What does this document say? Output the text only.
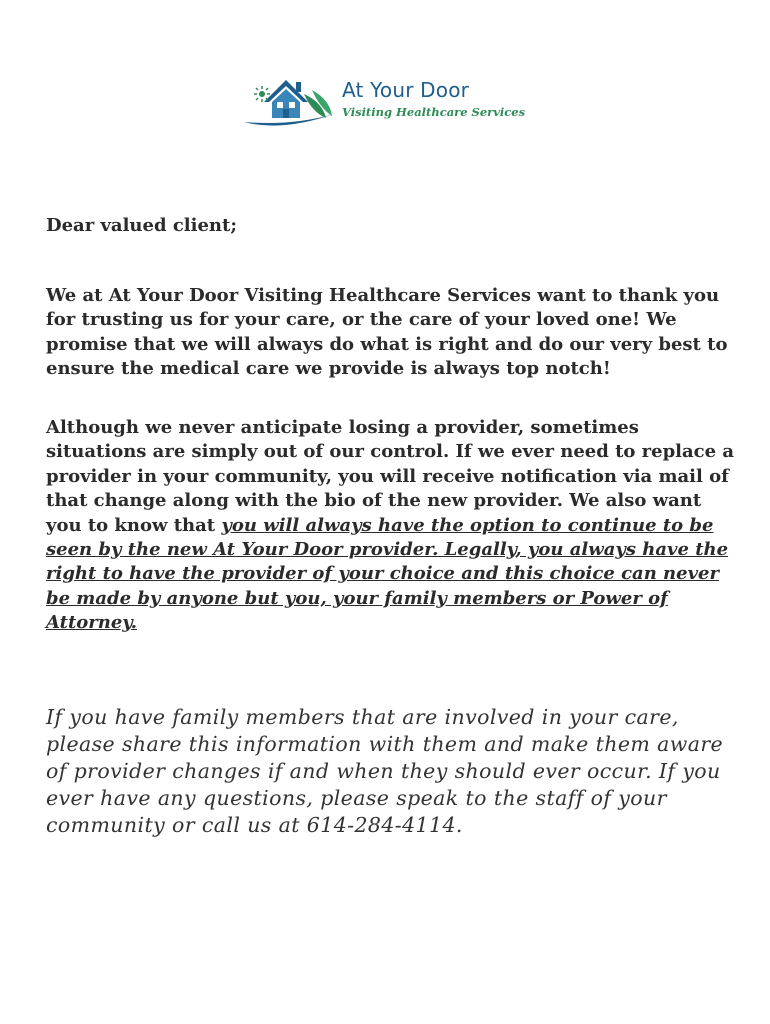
At Your Door
Visiting Healthcare Services

Dear valued client;

We at At Your Door Visiting Healthcare Services want to thank you for trusting us for your care, or the care of your loved one! We promise that we will always do what is right and do our very best to ensure the medical care we provide is always top notch!

Although we never anticipate losing a provider, sometimes situations are simply out of our control. If we ever need to replace a provider in your community, you will receive notification via mail of that change along with the bio of the new provider. We also want you to know that you will always have the option to continue to be seen by the new At Your Door provider. Legally, you always have the right to have the provider of your choice and this choice can never be made by anyone but you, your family members or Power of Attorney.

If you have family members that are involved in your care, please share this information with them and make them aware of provider changes if and when they should ever occur. If you ever have any questions, please speak to the staff of your community or call us at 614-284-4114.
